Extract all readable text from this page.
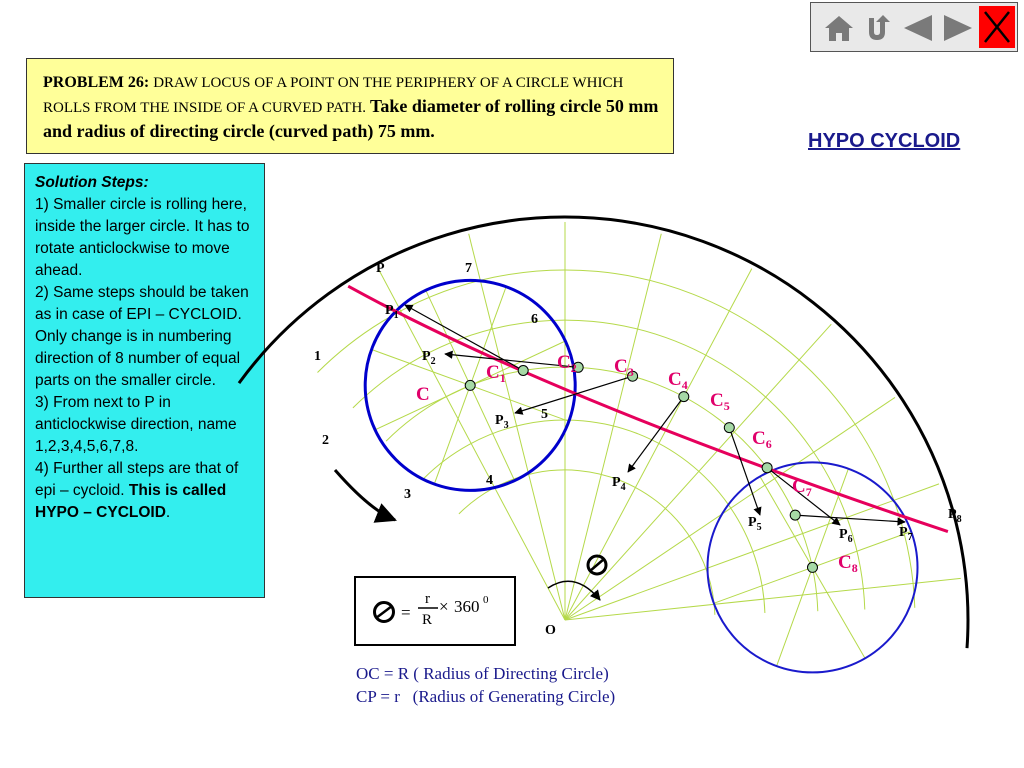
PROBLEM 26: DRAW LOCUS OF A POINT ON THE PERIPHERY OF A CIRCLE WHICH ROLLS FROM THE INSIDE OF A CURVED PATH. Take diameter of rolling circle 50 mm and radius of directing circle (curved path) 75 mm.	HYPO CYCLOID

Solution Steps:

1) Smaller circle is rolling here, inside the larger circle. It has to rotate anticlockwise to move ahead.

2) Same steps should be taken as in case of EPI – CYCLOID. Only change is in numbering direction of 8 number of equal parts on the smaller circle.

3) From next to P in anticlockwise direction, name 1,2,3,4,5,6,7,8.

4) Further all steps are that of epi – cycloid. This is called
HYPO – CYCLOID.

O
P
C
1
2
3
4
5
6
7
$P_1$
$P_2$
$P_3$
$P_4$
$P_5$	$P_6$	$P_7$
$P_8$
$C_1$
$C_2$ $C_3$ $C_4$
$C_5$
$C_6$
$C_7$
$C_8$
=
r
R
× 360 0
OC = R ( Radius of Directing Circle)
CP = r   (Radius of Generating Circle)
